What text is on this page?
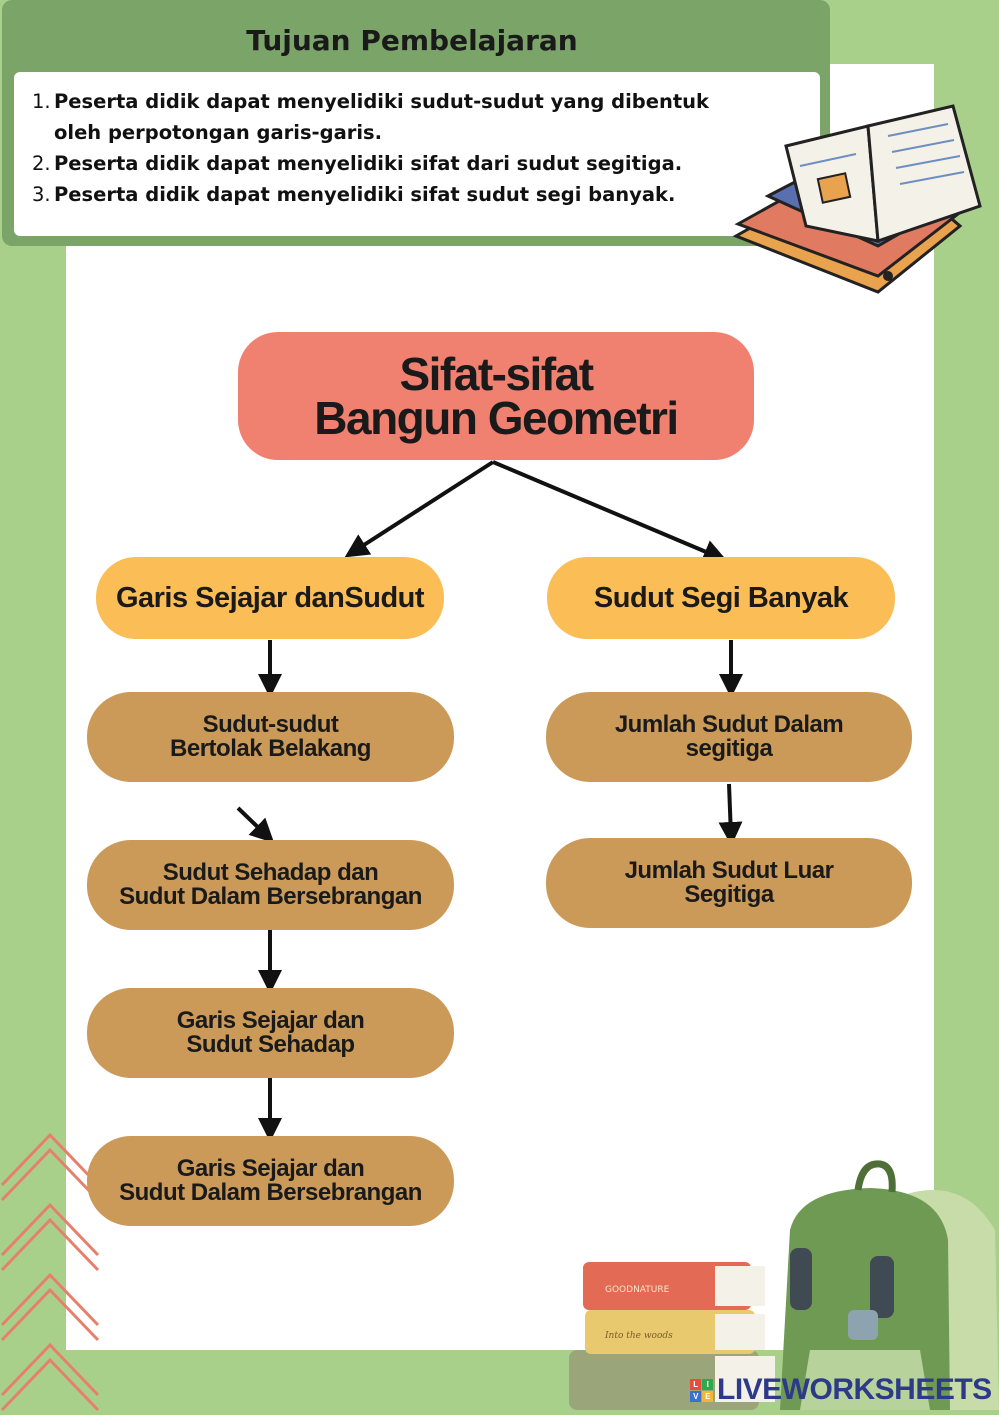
Tujuan Pembelajaran
1. Peserta didik dapat menyelidiki sudut-sudut yang dibentuk oleh perpotongan garis-garis.
2. Peserta didik dapat menyelidiki sifat dari sudut segitiga.
3. Peserta didik dapat menyelidiki sifat sudut segi banyak.
Sifat-sifat
Bangun Geometri
Garis Sejajar danSudut	Sudut Segi Banyak
Sudut-sudut
Bertolak Belakang
Sudut Sehadap dan
Sudut Dalam Bersebrangan
Garis Sejajar dan
Sudut Sehadap
Garis Sejajar dan
Sudut Dalam Bersebrangan
Jumlah Sudut Dalam
segitiga
Jumlah Sudut Luar
Segitiga
GOODNATURE
Into the woods
L	I
V E LIVEWORKSHEETS
